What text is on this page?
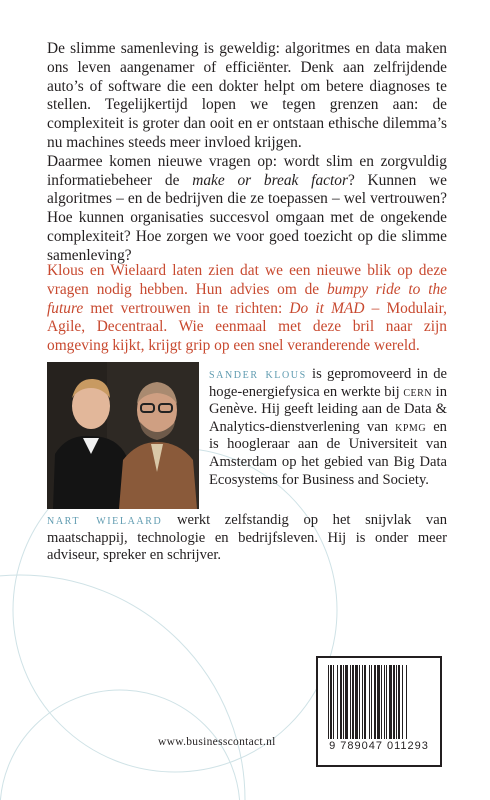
De slimme samenleving is geweldig: algoritmes en data maken ons leven aangenamer of efficiënter. Denk aan zelfrijdende auto’s of software die een dokter helpt om betere diagnoses te stellen. Tegelijkertijd lopen we tegen grenzen aan: de complexiteit is groter dan ooit en er ontstaan ethische dilemma’s nu machines steeds meer invloed krijgen.
Daarmee komen nieuwe vragen op: wordt slim en zorgvuldig informatiebeheer de make or break factor? Kunnen we algoritmes – en de bedrijven die ze toepassen – wel vertrouwen? Hoe kunnen organisaties succesvol omgaan met de ongekende complexiteit? Hoe zorgen we voor goed toezicht op die slimme samenleving?
Klous en Wielaard laten zien dat we een nieuwe blik op deze vragen nodig hebben. Hun advies om de bumpy ride to the future met vertrouwen in te richten: Do it MAD – Modulair, Agile, Decentraal. Wie eenmaal met deze bril naar zijn omgeving kijkt, krijgt grip op een snel veranderende wereld.

sander klous is gepromoveerd in de hoge-energiefysica en werkte bij cern in Genève. Hij geeft leiding aan de Data & Analytics-dienstverlening van kpmg en is hoogleraar aan de Universiteit van Amsterdam op het gebied van Big Data Ecosystems for Business and Society.

nart wielaard werkt zelfstandig op het snijvlak van maatschappij, technologie en bedrijfsleven. Hij is onder meer adviseur, spreker en schrijver.

www.businesscontact.nl	9 789047 011293
